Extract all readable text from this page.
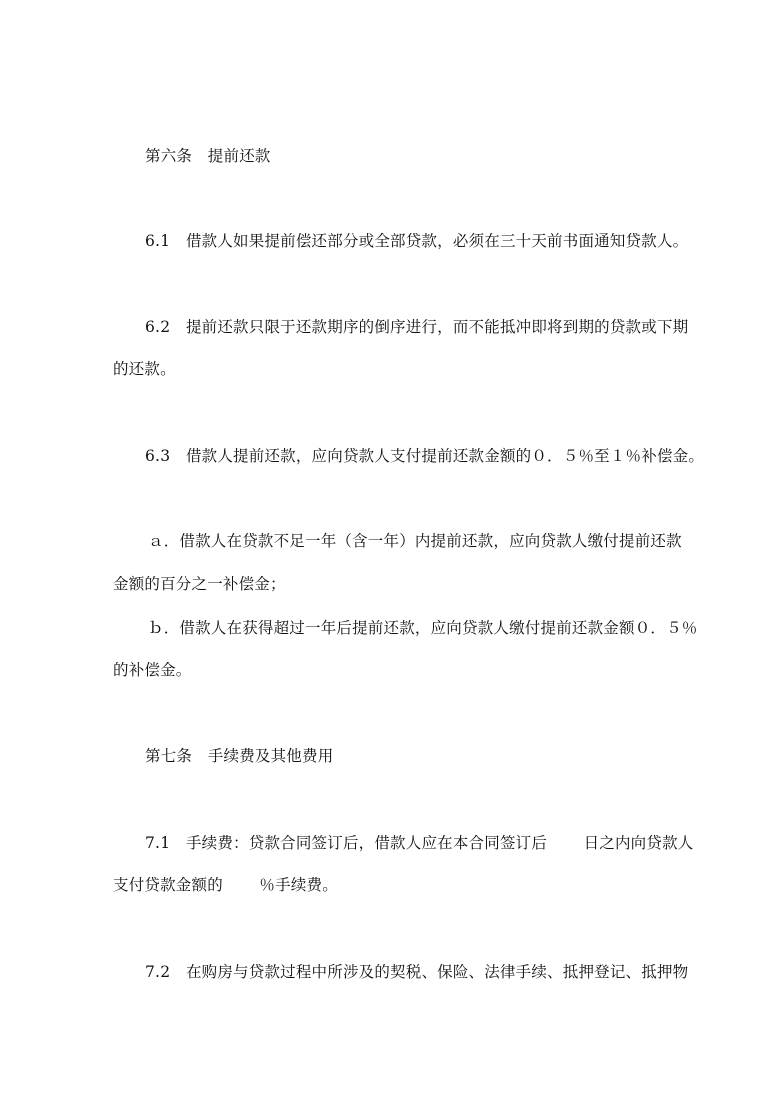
第六条　提前还款
6.1　借款人如果提前偿还部分或全部贷款，必须在三十天前书面通知贷款人。
6.2　提前还款只限于还款期序的倒序进行，而不能抵冲即将到期的贷款或下期
的还款。
6.3　借款人提前还款，应向贷款人支付提前还款金额的０．５％至１％补偿金。
ａ．借款人在贷款不足一年（含一年）内提前还款，应向贷款人缴付提前还款
金额的百分之一补偿金；
ｂ．借款人在获得超过一年后提前还款，应向贷款人缴付提前还款金额０．５％
的补偿金。
第七条　手续费及其他费用
7.1　手续费：贷款合同签订后，借款人应在本合同签订后　　 日之内向贷款人
支付贷款金额的　　 ％手续费。
7.2　在购房与贷款过程中所涉及的契税、保险、法律手续、抵押登记、抵押物
